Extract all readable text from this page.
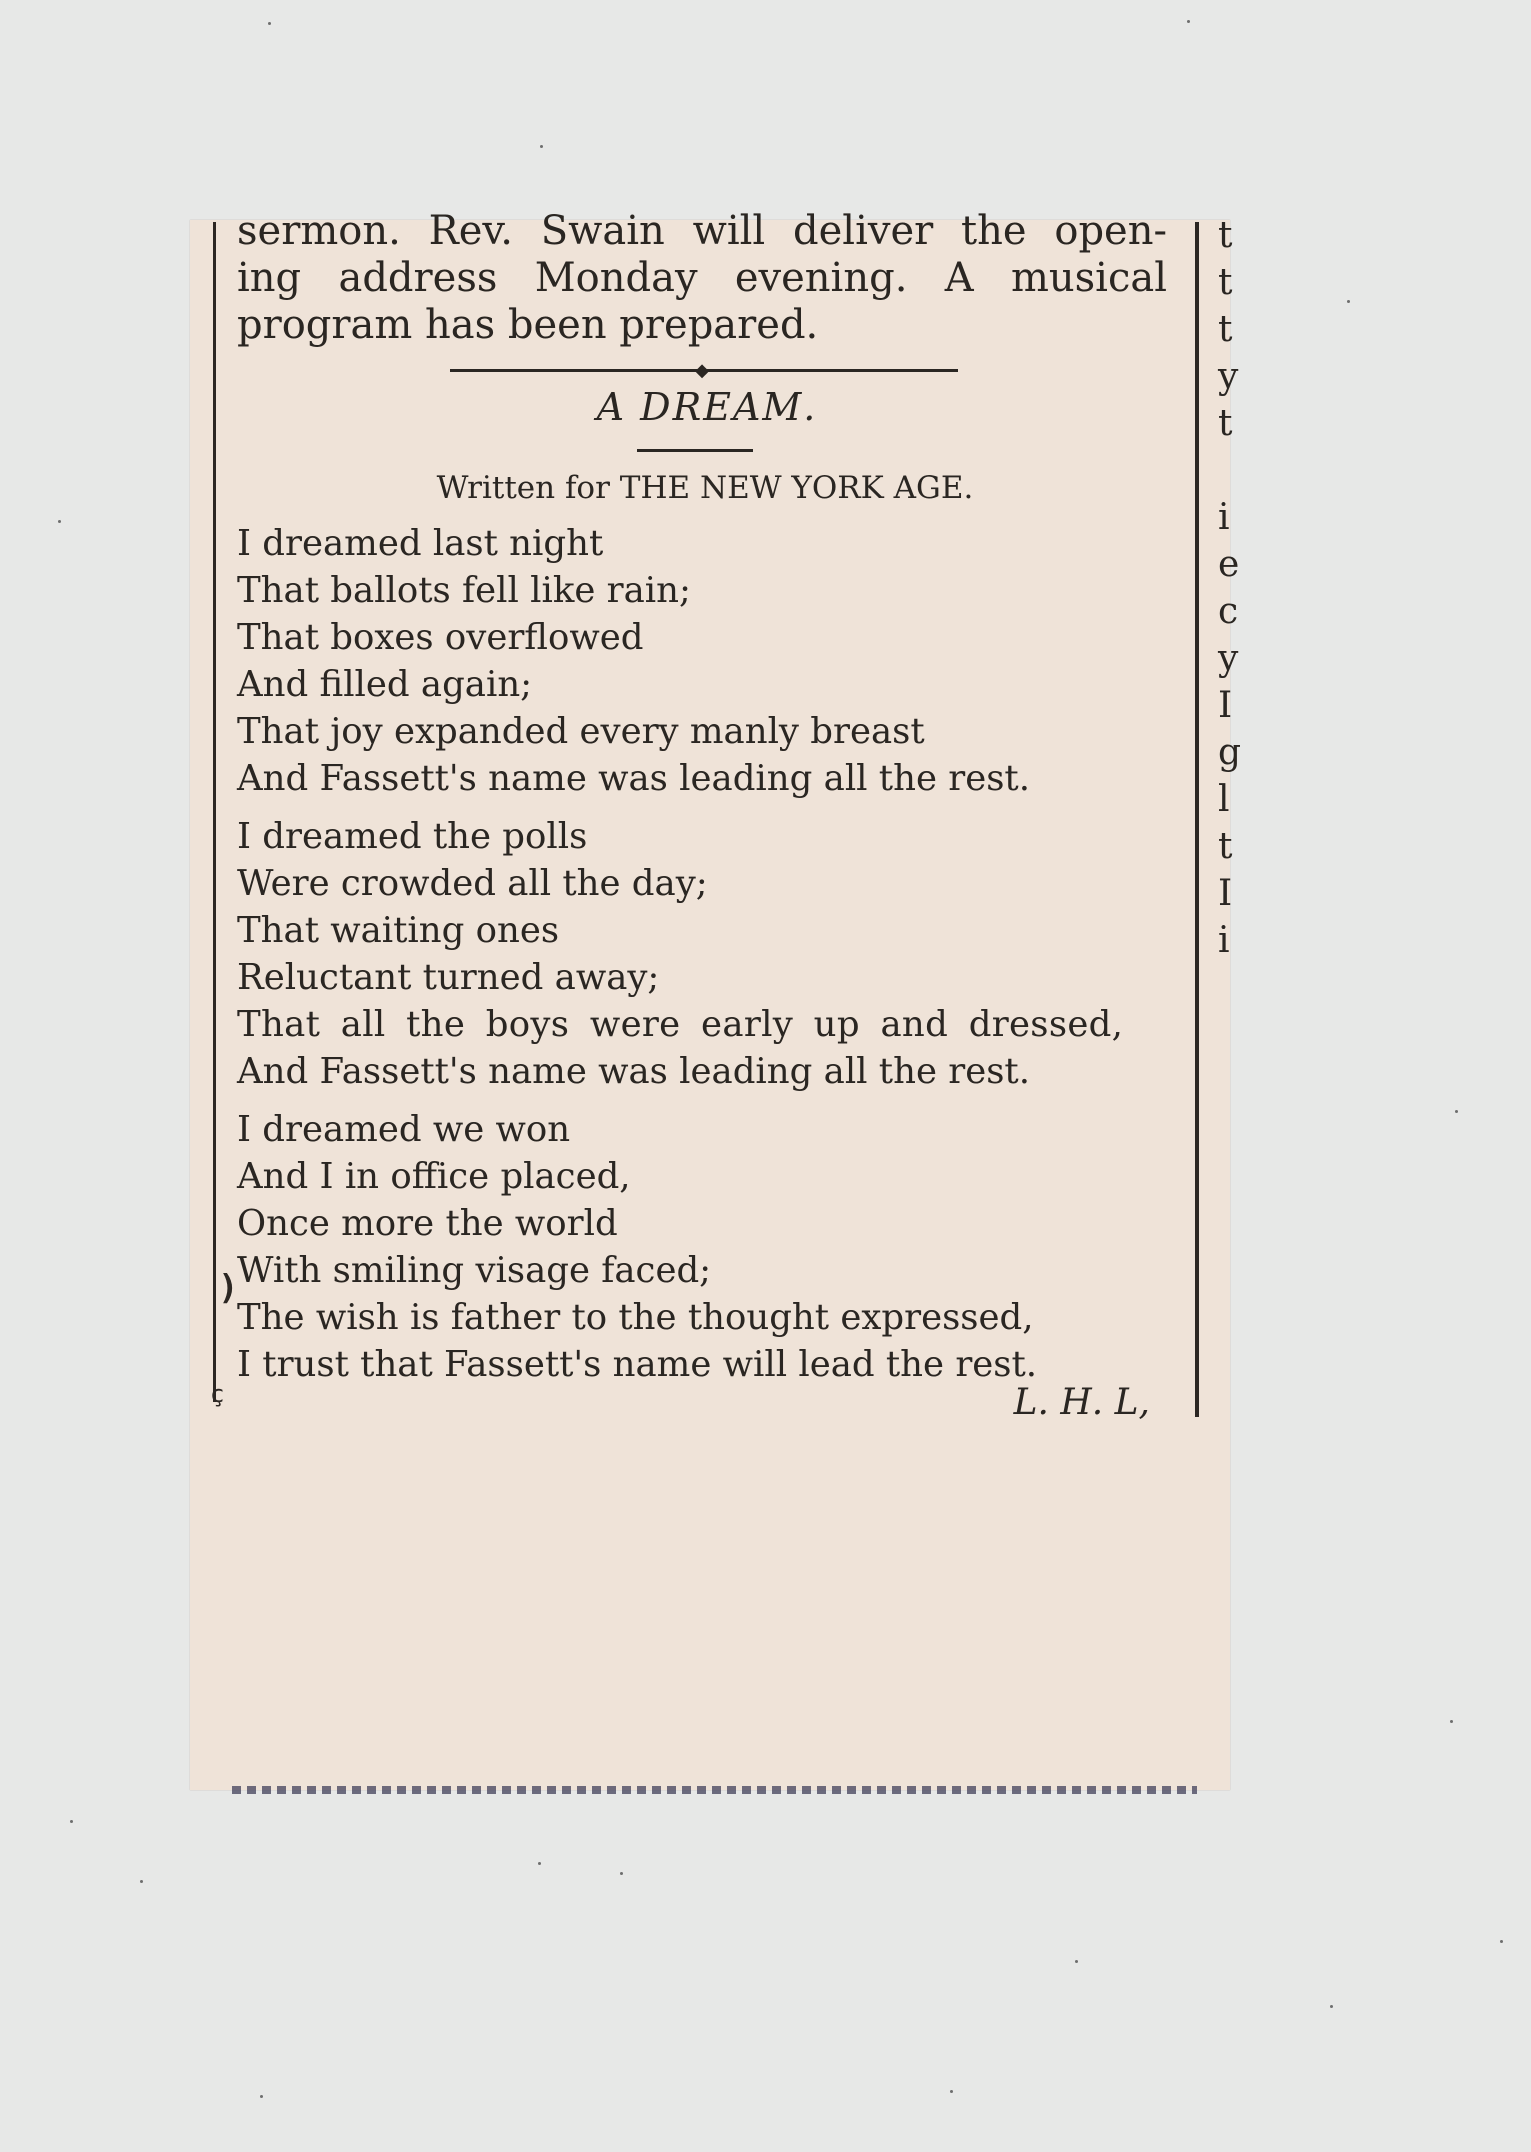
)
ç
sermon. Rev. Swain will deliver the open-
ing address Monday evening. A musical
program has been prepared.
◆
A DREAM.
Written for THE NEW YORK AGE.
I dreamed last night
That ballots fell like rain;
That boxes overflowed
And filled again;
That joy expanded every manly breast
And Fassett's name was leading all the rest.
I dreamed the polls
Were crowded all the day;
That waiting ones
Reluctant turned away;
That all the boys were early up and dressed,
And Fassett's name was leading all the rest.
I dreamed we won
And I in office placed,
Once more the world
With smiling visage faced;
The wish is father to the thought expressed,
I trust that Fassett's name will lead the rest.
L. H. L,
t
t
t
y
t
i
e
c
y
I
g
l
t
I
i
